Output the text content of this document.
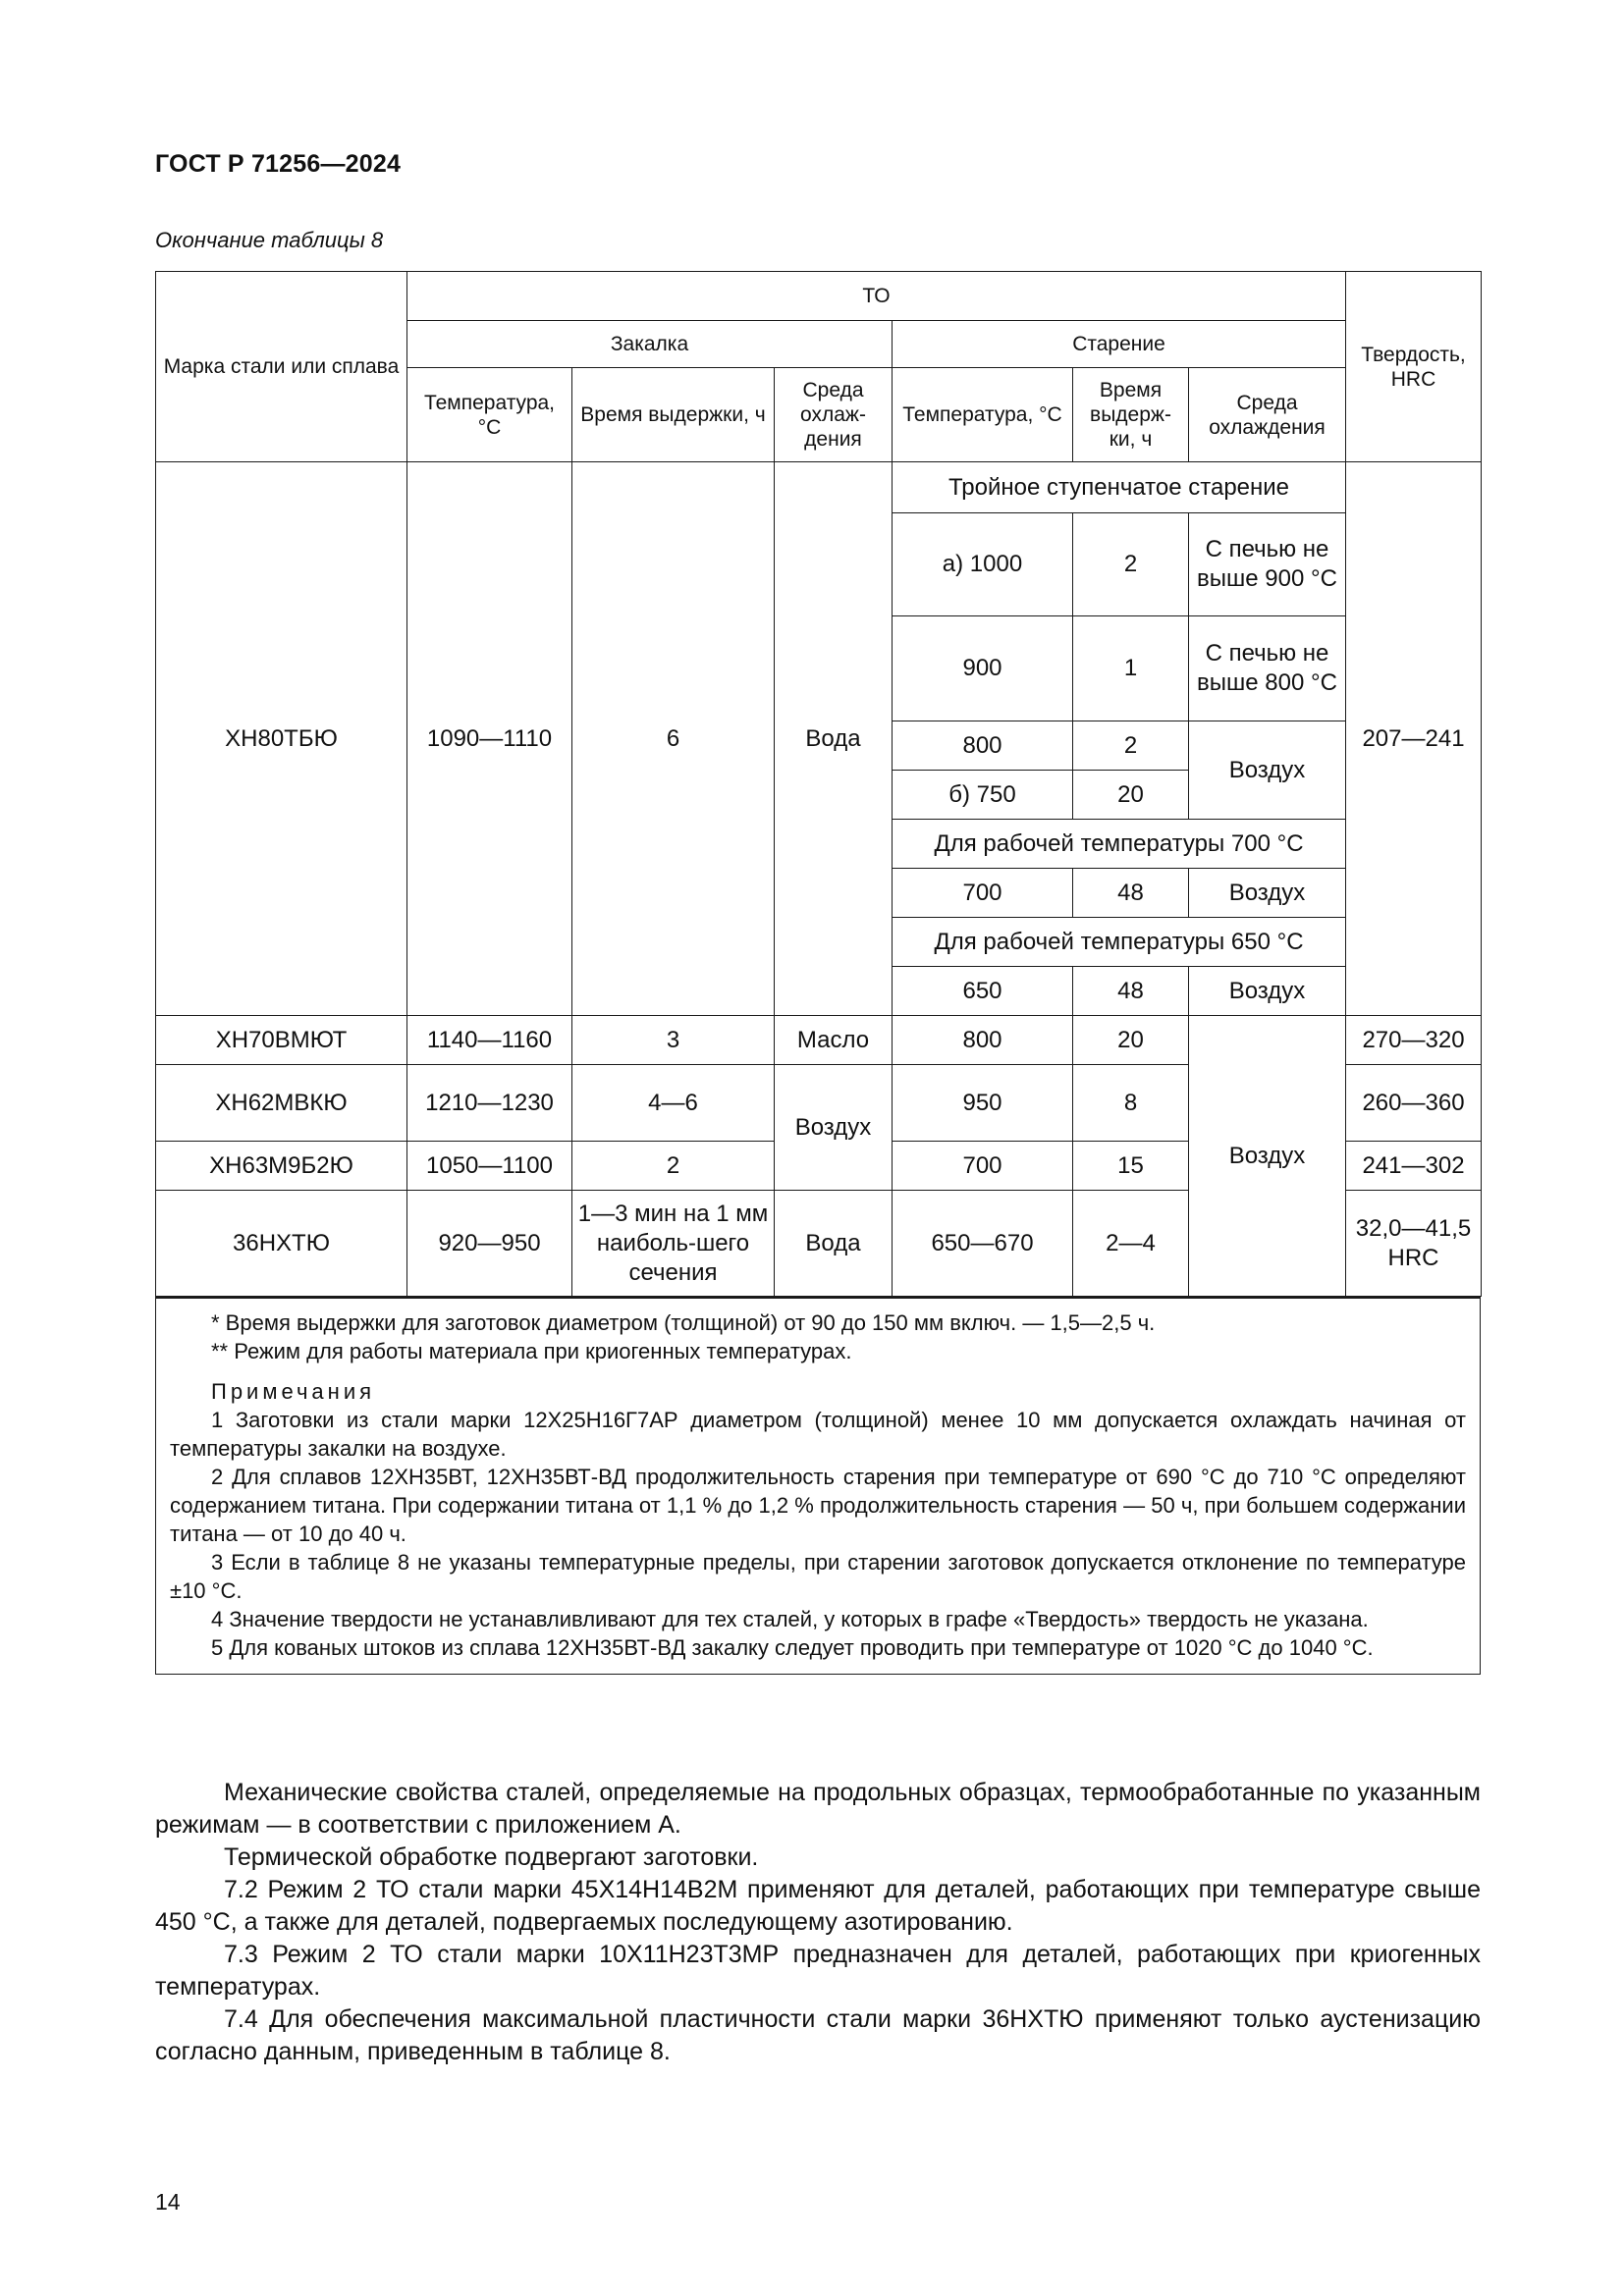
ГОСТ Р 71256—2024
Окончание таблицы 8
Марка стали или сплава	ТО						Твердость, HRC
	Закалка			Старение			
	Температура, °С	Время выдержки, ч	Среда охлаж-дения	Температура, °С	Время выдерж-ки, ч	Среда охлаждения	
ХН80ТБЮ	1090—1110	6	Вода	Тройное ступенчатое старение			207—241
				а) 1000	2	С печью не выше 900 °С	
				900	1	С печью не выше 800 °С	
				800	2	Воздух	
				б) 750	20		
				Для рабочей температуры 700 °С			
				700	48	Воздух	
				Для рабочей температуры 650 °С			
				650	48	Воздух	

ХН70ВМЮТ	1140—1160	3	Масло	800	20	Воздух	270—320
ХН62МВКЮ	1210—1230	4—6	Воздух	950	8		260—360
ХН63М9Б2Ю	1050—1100	2		700	15		241—302
36НХТЮ	920—950	1—3 мин на 1 мм наиболь-шего сечения	Вода	650—670	2—4		32,0—41,5 HRC

* Время выдержки для заготовок диаметром (толщиной) от 90 до 150 мм включ. — 1,5—2,5 ч.

** Режим для работы материала при криогенных температурах.

Примечания

1 Заготовки из стали марки 12Х25Н16Г7АР диаметром (толщиной) менее 10 мм допускается охлаждать начиная от температуры закалки на воздухе.

2 Для сплавов 12ХН35ВТ, 12ХН35ВТ-ВД продолжительность старения при температуре от 690 °С до 710 °С определяют содержанием титана. При содержании титана от 1,1 % до 1,2 % продолжительность старения — 50 ч, при большем содержании титана — от 10 до 40 ч.

3 Если в таблице 8 не указаны температурные пределы, при старении заготовок допускается отклонение по температуре ±10 °С.

4 Значение твердости не устанавливливают для тех сталей, у которых в графе «Твердость» твердость не указана.

5 Для кованых штоков из сплава 12ХН35ВТ-ВД закалку следует проводить при температуре от 1020 °С до 1040 °С.

Механические свойства сталей, определяемые на продольных образцах, термообработанные по указанным режимам — в соответствии с приложением А.

Термической обработке подвергают заготовки.

7.2 Режим 2 ТО стали марки 45Х14Н14В2М применяют для деталей, работающих при температуре свыше 450 °С, а также для деталей, подвергаемых последующему азотированию.

7.3 Режим 2 ТО стали марки 10Х11Н23Т3МР предназначен для деталей, работающих при криогенных температурах.

7.4 Для обеспечения максимальной пластичности стали марки 36НХТЮ применяют только аустенизацию согласно данным, приведенным в таблице 8.

14
